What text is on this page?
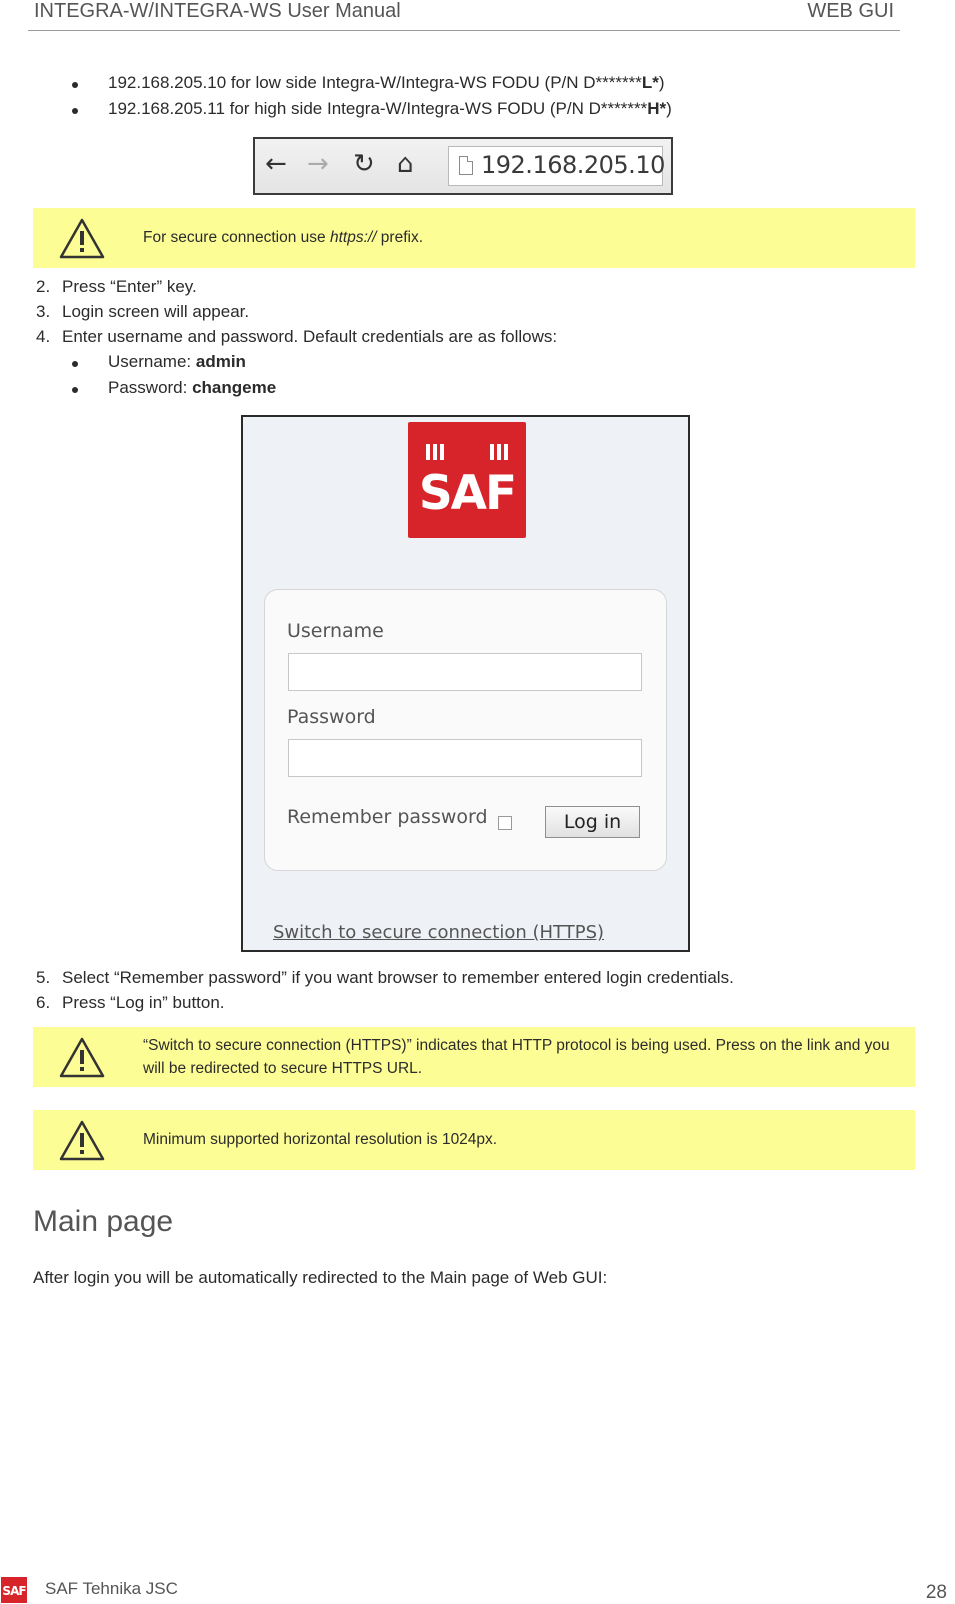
INTEGRA-W/INTEGRA-WS User Manual	WEB GUI
192.168.205.10 for low side Integra-W/Integra-WS FODU (P/N D*******L*)
192.168.205.11 for high side Integra-W/Integra-WS FODU (P/N D*******H*)
← → ↻ ⌂	192.168.205.10
For secure connection use https:// prefix.
2. Press “Enter” key.
3. Login screen will appear.
4. Enter username and password. Default credentials are as follows:
Username: admin
Password: changeme
SAF
Username
Password
Remember password	Log in
Switch to secure connection (HTTPS)
5. Select “Remember password” if you want browser to remember entered login credentials.
6. Press “Log in” button.
“Switch to secure connection (HTTPS)” indicates that HTTP protocol is being used. Press on the link and you will be redirected to secure HTTPS URL.
Minimum supported horizontal resolution is 1024px.
Main page
After login you will be automatically redirected to the Main page of Web GUI:
SAF SAF Tehnika JSC	28
